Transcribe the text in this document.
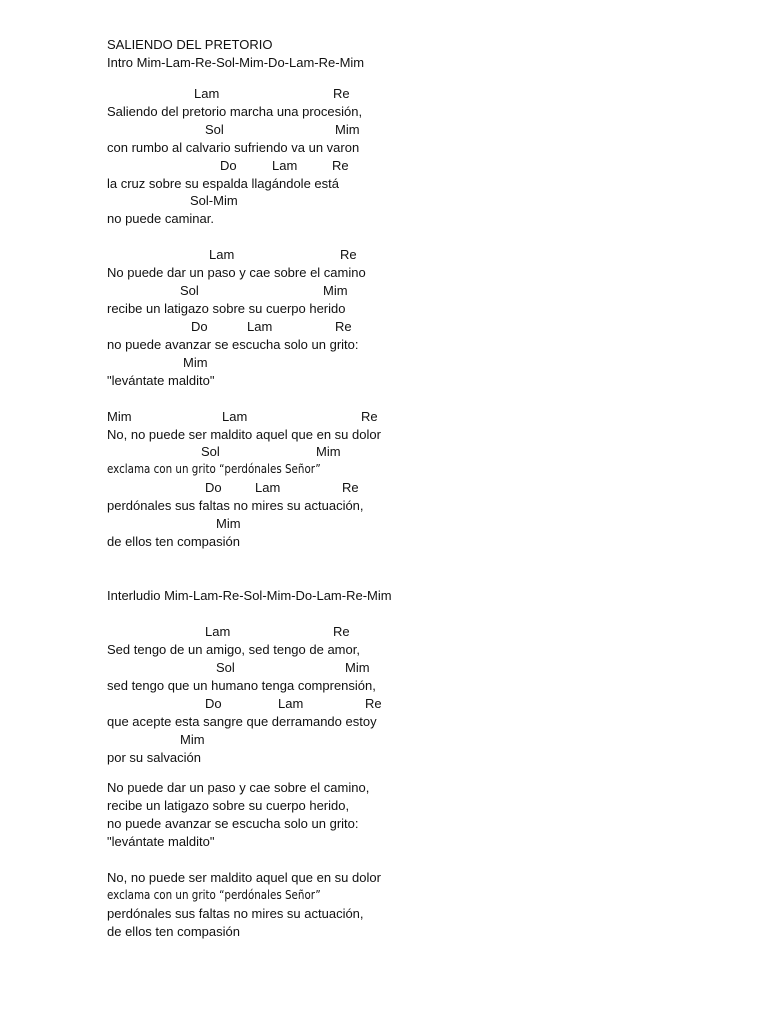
SALIENDO DEL PRETORIO
Intro Mim-Lam-Re-Sol-Mim-Do-Lam-Re-Mim
Lam	Re
Saliendo del pretorio marcha una procesión,
Sol	Mim
con rumbo al calvario sufriendo va un varon
Do	Lam	Re
la cruz sobre su espalda llagándole está
Sol-Mim
no puede caminar.
Lam	Re
No puede dar un paso y cae sobre el camino
Sol	Mim
recibe un latigazo sobre su cuerpo herido
Do	Lam	Re
no puede avanzar se escucha solo un grito:
Mim
"levántate maldito"
Mim	Lam	Re
No, no puede ser maldito aquel que en su dolor
Sol	Mim
exclama con un grito “perdónales Señor”
Do	Lam	Re
perdónales sus faltas no mires su actuación,
Mim
de ellos ten compasión
Interludio Mim-Lam-Re-Sol-Mim-Do-Lam-Re-Mim
Lam	Re
Sed tengo de un amigo, sed tengo de amor,
Sol	Mim
sed tengo que un humano tenga comprensión,
Do	Lam	Re
que acepte esta sangre que derramando estoy
Mim
por su salvación
No puede dar un paso y cae sobre el camino,
recibe un latigazo sobre su cuerpo herido,
no puede avanzar se escucha solo un grito:
"levántate maldito"
No, no puede ser maldito aquel que en su dolor
exclama con un grito “perdónales Señor”
perdónales sus faltas no mires su actuación,
de ellos ten compasión
